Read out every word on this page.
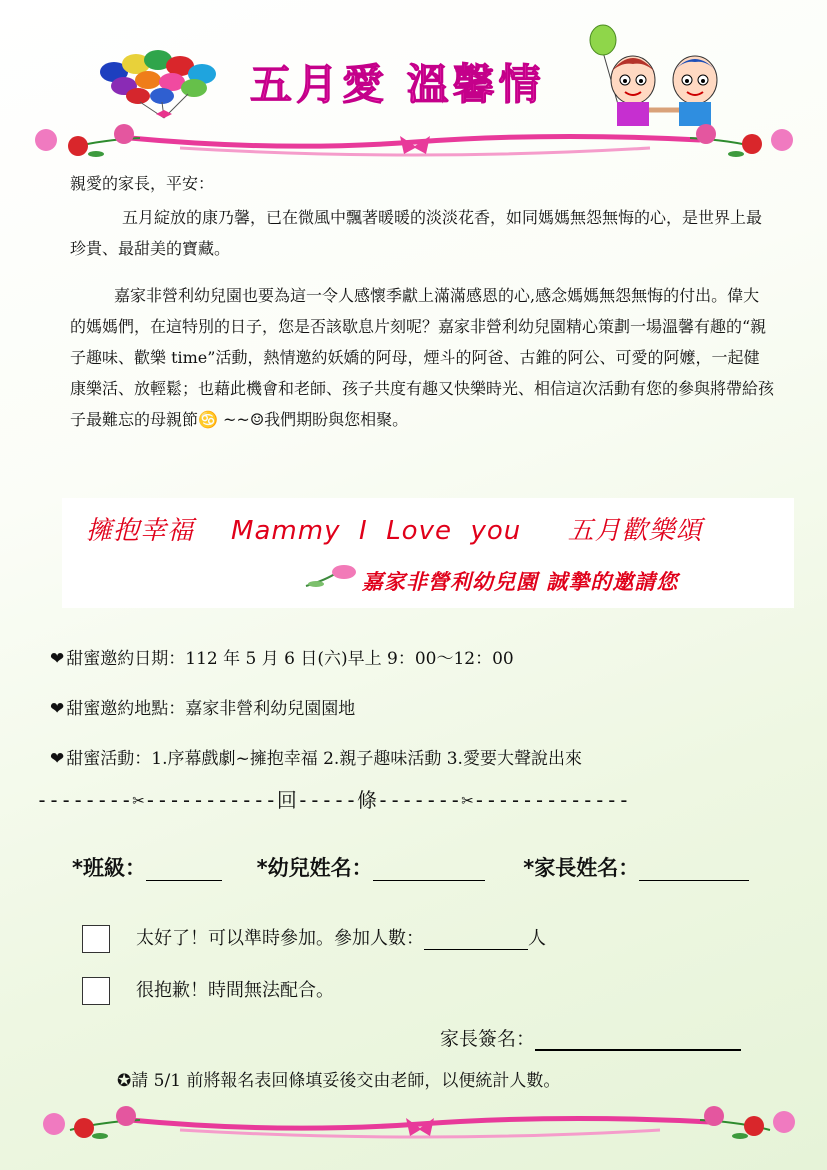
五月愛 溫馨情
親愛的家長，平安：
五月綻放的康乃馨，已在微風中飄著暖暖的淡淡花香，如同媽媽無怨無悔的心，是世界上最珍貴、最甜美的寶藏。
嘉家非營利幼兒園也要為這一令人感懷季獻上滿滿感恩的心,感念媽媽無怨無悔的付出。偉大的媽媽們，在這特別的日子，您是否該歇息片刻呢？嘉家非營利幼兒園精心策劃一場溫馨有趣的“親子趣味、歡樂 time”活動，熱情邀約妖嬌的阿母，煙斗的阿爸、古錐的阿公、可愛的阿嬤，一起健康樂活、放輕鬆；也藉此機會和老師、孩子共度有趣又快樂時光、相信這次活動有您的參與將帶給孩子最難忘的母親節♋ ~~☺我們期盼與您相聚。
擁抱幸福    Mammy  I  Love  you     五月歡樂頌
嘉家非營利幼兒園 誠摯的邀請您
❤ 甜蜜邀約日期：112 年 5 月 6 日(六)早上 9：00～12：00
❤ 甜蜜邀約地點：嘉家非營利幼兒園園地
❤ 甜蜜活動：1.序幕戲劇~擁抱幸福 2.親子趣味活動 3.愛要大聲說出來
--------✂-----------回-----條-------✂-------------
*班級：	*幼兒姓名：	*家長姓名：
太好了！可以準時參加。參加人數：	人
很抱歉！時間無法配合。
家長簽名：
✪請 5/1 前將報名表回條填妥後交由老師，以便統計人數。
